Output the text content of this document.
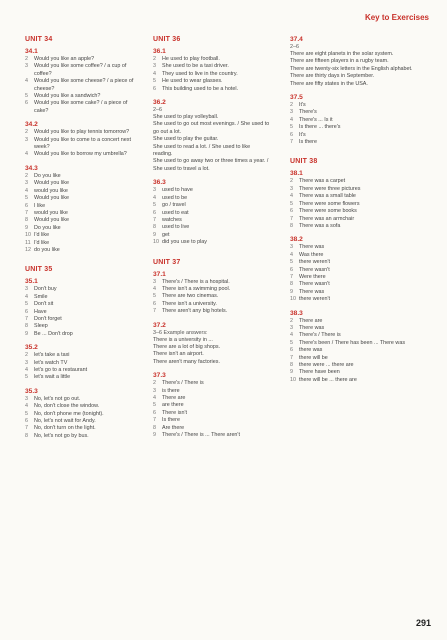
Key to Exercises
UNIT 34
34.1
2	Would you like an apple?
3	Would you like some coffee? / a cup of coffee?
4	Would you like some cheese? / a piece of cheese?
5	Would you like a sandwich?
6	Would you like some cake? / a piece of cake?
34.2
2	Would you like to play tennis tomorrow?
3	Would you like to come to a concert next week?
4	Would you like to borrow my umbrella?
34.3
2	Do you like
3	Would you like
4	would you like
5	Would you like
6	I like
7	would you like
8	Would you like
9	Do you like
10 I'd like
11 I'd like
12 do you like
UNIT 35
35.1
3	Don't buy
4	Smile
5	Don't sit
6	Have
7	Don't forget
8	Sleep
9	Be ... Don't drop
35.2
2	let's take a taxi
3	let's watch TV
4	let's go to a restaurant
5	let's wait a little
35.3
3	No, let's not go out.
4	No, don't close the window.
5	No, don't phone me (tonight).
6	No, let's not wait for Andy.
7	No, don't turn on the light.
8	No, let's not go by bus.
UNIT 36
36.1
2	He used to play football.
3	She used to be a taxi driver.
4	They used to live in the country.
5	He used to wear glasses.
6	This building used to be a hotel.
36.2
2–6
She used to play volleyball.
She used to go out most evenings. / She used to go out a lot.
She used to play the guitar.
She used to read a lot. / She used to like reading.
She used to go away two or three times a year. / She used to travel a lot.
36.3
3	used to have
4	used to be
5	go / travel
6	used to eat
7	watches
8	used to live
9	get
10 did you use to play
UNIT 37
37.1
3	There's / There is a hospital.
4	There isn't a swimming pool.
5	There are two cinemas.
6	There isn't a university.
7	There aren't any big hotels.
37.2
3–6 Example answers:
There is a university in ...
There are a lot of big shops.
There isn't an airport.
There aren't many factories.
37.3
2	There's / There is
3	is there
4	There are
5	are there
6	There isn't
7	Is there
8	Are there
9	There's / There is ... There aren't
37.4
2–6
There are eight planets in the solar system.
There are fifteen players in a rugby team.
There are twenty-six letters in the English alphabet.
There are thirty days in September.
There are fifty states in the USA.
37.5
2	It's
3	There's
4	There's ... Is it
5	Is there ... there's
6	It's
7	Is there
UNIT 38
38.1
2	There was a carpet
3	There were three pictures
4	There was a small table
5	There were some flowers
6	There were some books
7	There was an armchair
8	There was a sofa
38.2
3	There was
4	Was there
5	there weren't
6	There wasn't
7	Were there
8	There wasn't
9	There was
10 there weren't
38.3
2	There are
3	There was
4	There's / There is
5	There's been / There has been ... There was
6	there was
7	there will be
8	there were ... there are
9	There have been
10 there will be ... there are
291
